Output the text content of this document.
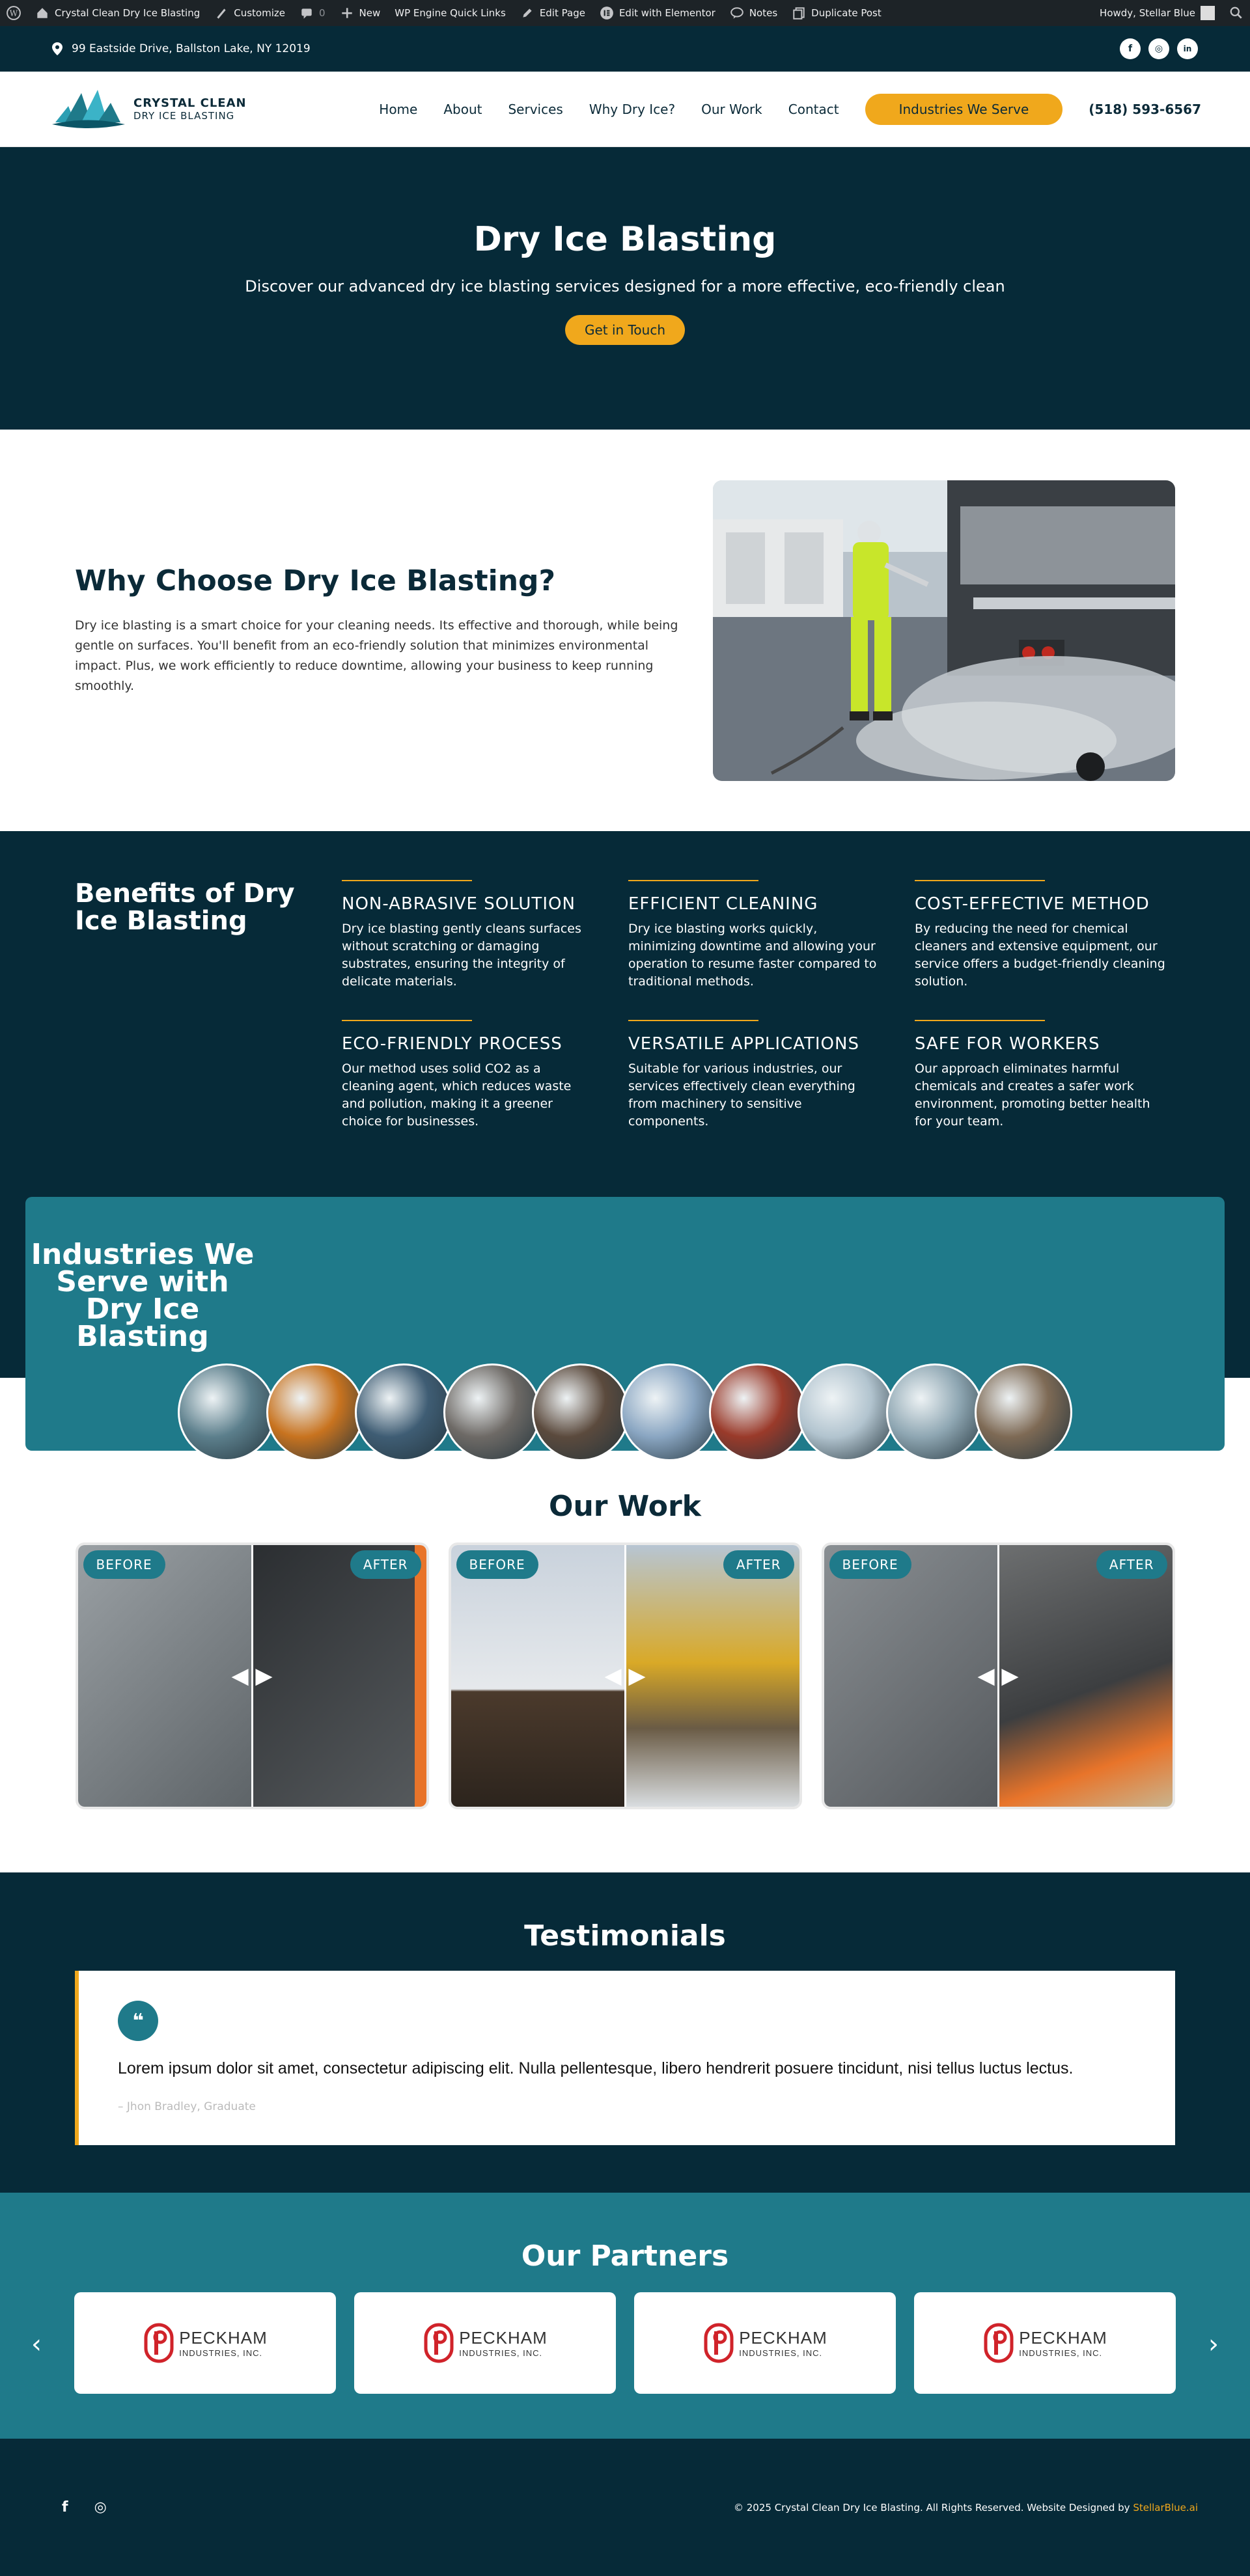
W	Crystal Clean Dry Ice Blasting	Customize	0	New WP Engine Quick Links	Edit Page	Edit with Elementor	Notes	Duplicate Post	Howdy, Stellar Blue
99 Eastside Drive, Ballston Lake, NY 12019	f	◎	in
CRYSTAL CLEAN
DRY ICE BLASTING	Home About Services Why Dry Ice? Our Work Contact	Industries We Serve	(518) 593-6567
Dry Ice Blasting

Discover our advanced dry ice blasting services designed for a more effective, eco-friendly clean

Get in Touch
Why Choose Dry Ice Blasting?

Dry ice blasting is a smart choice for your cleaning needs. Its effective and thorough, while being gentle on surfaces. You'll benefit from an eco-friendly solution that minimizes environmental impact. Plus, we work efficiently to reduce downtime, allowing your business to keep running smoothly.

Benefits of Dry Ice Blasting
NON-ABRASIVE SOLUTION

Dry ice blasting gently cleans surfaces without scratching or damaging substrates, ensuring the integrity of delicate materials.

EFFICIENT CLEANING

Dry ice blasting works quickly, minimizing downtime and allowing your operation to resume faster compared to traditional methods.

COST-EFFECTIVE METHOD

By reducing the need for chemical cleaners and extensive equipment, our service offers a budget-friendly cleaning solution.

ECO-FRIENDLY PROCESS

Our method uses solid CO2 as a cleaning agent, which reduces waste and pollution, making it a greener choice for businesses.

VERSATILE APPLICATIONS

Suitable for various industries, our services effectively clean everything from machinery to sensitive components.

SAFE FOR WORKERS

Our approach eliminates harmful chemicals and creates a safer work environment, promoting better health for your team.

Industries We Serve with Dry Ice Blasting
Our Work
◀ ▶
BEFORE	AFTER
◀ ▶
BEFORE	AFTER
◀ ▶
BEFORE	AFTER
Testimonials
❝
Lorem ipsum dolor sit amet, consectetur adipiscing elit. Nulla pellentesque, libero hendrerit posuere tincidunt, nisi tellus luctus lectus.
– Jhon Bradley, Graduate
Our Partners
‹	PECKHAM
INDUSTRIES, INC.
PECKHAM
INDUSTRIES, INC.
PECKHAM
INDUSTRIES, INC.
PECKHAM
INDUSTRIES, INC.	›
f ◎	© 2025 Crystal Clean Dry Ice Blasting. All Rights Reserved. Website Designed by StellarBlue.ai
